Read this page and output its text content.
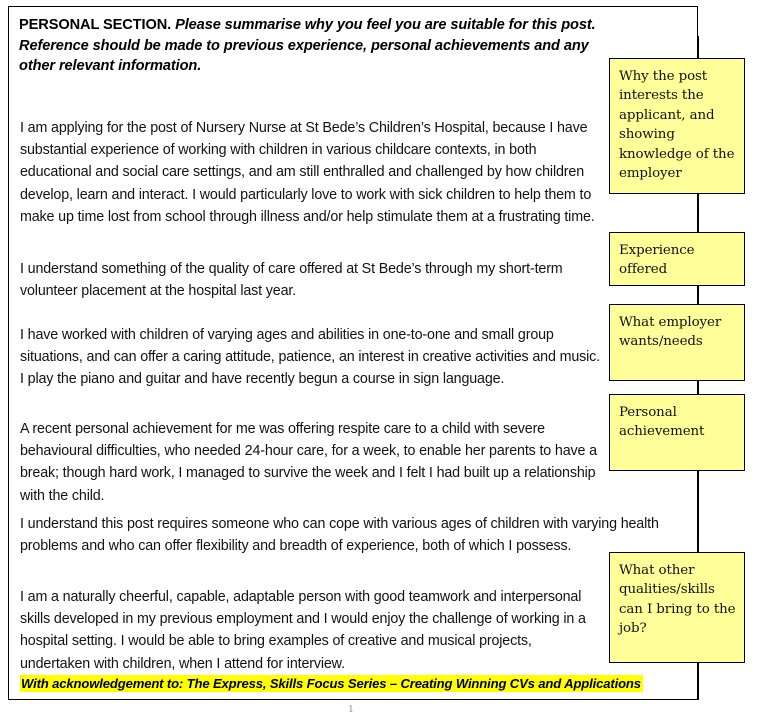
PERSONAL SECTION. Please summarise why you feel you are suitable for this post. Reference should be made to previous experience, personal achievements and any other relevant information.

I am applying for the post of Nursery Nurse at St Bede’s Children’s Hospital, because I have substantial experience of working with children in various childcare contexts, in both educational and social care settings, and am still enthralled and challenged by how children develop, learn and interact. I would particularly love to work with sick children to help them to make up time lost from school through illness and/or help stimulate them at a frustrating time.

I understand something of the quality of care offered at St Bede’s through my short-term volunteer placement at the hospital last year.

I have worked with children of varying ages and abilities in one-to-one and small group situations, and can offer a caring attitude, patience, an interest in creative activities and music. I play the piano and guitar and have recently begun a course in sign language.

A recent personal achievement for me was offering respite care to a child with severe behavioural difficulties, who needed 24-hour care, for a week, to enable her parents to have a break; though hard work, I managed to survive the week and I felt I had built up a relationship with the child.

I understand this post requires someone who can cope with various ages of children with varying health problems and who can offer flexibility and breadth of experience, both of which I possess.

I am a naturally cheerful, capable, adaptable person with good teamwork and interpersonal skills developed in my previous employment and I would enjoy the challenge of working in a hospital setting. I would be able to bring examples of creative and musical projects, undertaken with children, when I attend for interview.

With acknowledgement to: The Express, Skills Focus Series – Creating Winning CVs and Applications
Why the post interests the applicant, and showing knowledge of the employer
Experience offered
What employer wants/needs
Personal achievement
What other qualities/skills can I bring to the job?
1
